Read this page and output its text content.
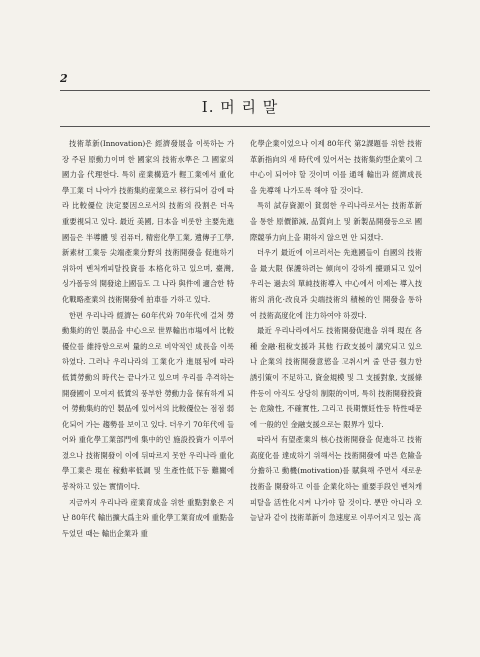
2
Ⅰ. 머 리 말

技術革新(Innovation)은 經濟發展을 이룩하는 가장 주된 原動力이며 한 國家의 技術水準은 그 國家의 國力을 代理한다. 특히 産業構造가 輕工業에서 重化學工業 더 나아가 技術集約産業으로 移行되어 감에 따라 比較優位 決定要因으로서의 技術의 役割은 더욱 重要視되고 있다. 最近 美國, 日本을 비롯한 主要先進國들은 半導體 및 컴퓨터, 精密化學工業, 遺傳子工學, 新素材工業등 尖端產業分野의 技術開發을 促進하기 위하여 벤처캐피탈投資를 本格化하고 있으며, 臺灣, 싱가폴등의 開發途上國들도 그 나라 與件에 適合한 特化戰略產業의 技術開發에 拍車를 가하고 있다.

한편 우리나라 經濟는 60年代와 70年代에 걸쳐 勞動集約的인 製品을 中心으로 世界輸出市場에서 比較優位를 維持함으로써 量的으로 비약적인 成長을 이룩하였다. 그러나 우리나라의 工業化가 進展됨에 따라 低賃勞動의 時代는 끝나가고 있으며 우리를 추격하는 開發國이 모여져 低賃의 풍부한 勞動力을 保有하게 되어 勞動集約的인 製品에 있어서의 比較優位는 점점 弱化되어 가는 趨勢를 보이고 있다. 더우기 70年代에 들어와 重化學工業部門에 集中的인 施設投資가 이루어졌으나 技術開發이 이에 뒤따르지 못한 우리나라 重化學工業은 現在 稼動率低調 및 生產性低下등 難關에 봉착하고 있는 實情이다.

지금까지 우리나라 産業育成을 위한 重點對象은 지난 80年代 輸出擴大爲主와 重化學工業育成에 重點을 두었던 때는 輸出企業과 重

化學企業이었으나 이제 80年代 第2課題를 위한 技術革新指向의 새 時代에 있어서는 技術集約型企業이 그 中心이 되어야 할 것이며 이를 通해 輸出과 經濟成長을 先導해 나가도록 해야 할 것이다.

특히 試存資源이 貧弱한 우리나라로서는 技術革新을 통한 原價節減, 品質向上 및 新製品開發등으로 國際競爭力向上을 期하지 않으면 안 되겠다.

더우기 最近에 이르러서는 先進國들이 自國의 技術을 最大限 保護하려는 傾向이 강하게 擡頭되고 있어 우리는 過去의 單純技術導入 中心에서 이제는 導入技術의 消化·改良과 尖端技術의 積極的인 開發을 통하여 技術高度化에 注力하여야 하겠다.

最近 우리나라에서도 技術開發促進을 위해 現在 各種 金融·租稅支援과 其他 行政支援이 講究되고 있으나 企業의 技術開發意慾을 고취시켜 줄 만큼 强力한 誘引策이 不足하고, 資金規模 및 그 支援對象, 支援條件등이 아직도 상당히 制限的이며, 특히 技術開發投資는 危險性, 不確實性, 그리고 長期懷妊性등 特性때문에 一般的인 金融支援으로는 限界가 있다.

따라서 有望產業의 核心技術開發을 促進하고 技術高度化를 達成하기 위해서는 技術開發에 따른 危險을 分擔하고 動機(motivation)를 賦與해 주면서 새로운 技術을 開發하고 이를 企業化하는 重要手段인 벤처캐피탈을 活性化시켜 나가야 할 것이다. 뿐만 아니라 오늘날과 같이 技術革新이 急速度로 이루어지고 있는 高
